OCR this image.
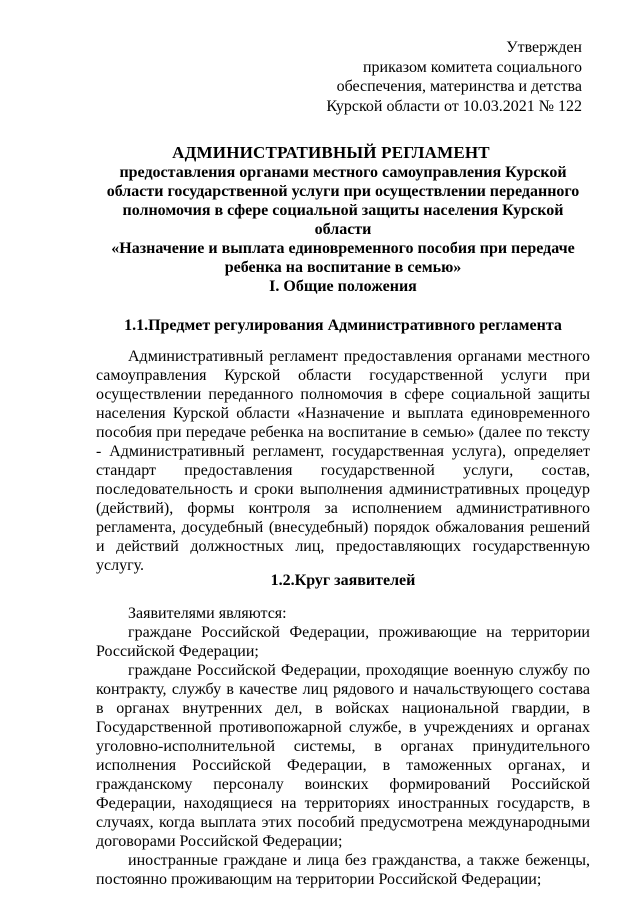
Утвержден
приказом комитета социального
обеспечения, материнства и детства
Курской области от 10.03.2021 № 122
АДМИНИСТРАТИВНЫЙ РЕГЛАМЕНТ
предоставления органами местного самоуправления Курской
области государственной услуги при осуществлении переданного
полномочия в сфере социальной защиты населения Курской области
«Назначение и выплата единовременного пособия при передаче
ребенка на воспитание в семью»
I. Общие положения
1.1.Предмет регулирования Административного регламента
Административный регламент предоставления органами местного самоуправления Курской области государственной услуги при осуществлении переданного полномочия в сфере социальной защиты населения Курской области «Назначение и выплата единовременного пособия при передаче ребенка на воспитание в семью» (далее по тексту - Административный регламент, государственная услуга), определяет стандарт предоставления государственной услуги, состав, последовательность и сроки выполнения административных процедур (действий), формы контроля за исполнением административного регламента, досудебный (внесудебный) порядок обжалования решений и действий должностных лиц, предоставляющих государственную услугу.
1.2.Круг заявителей
Заявителями являются:
граждане Российской Федерации, проживающие на территории Российской Федерации;
граждане Российской Федерации, проходящие военную службу по контракту, службу в качестве лиц рядового и начальствующего состава в органах внутренних дел, в войсках национальной гвардии, в Государственной противопожарной службе, в учреждениях и органах уголовно-исполнительной системы, в органах принудительного исполнения Российской Федерации, в таможенных органах, и гражданскому персоналу воинских формирований Российской Федерации, находящиеся на территориях иностранных государств, в случаях, когда выплата этих пособий предусмотрена международными договорами Российской Федерации;
иностранные граждане и лица без гражданства, а также беженцы, постоянно проживающим на территории Российской Федерации;
